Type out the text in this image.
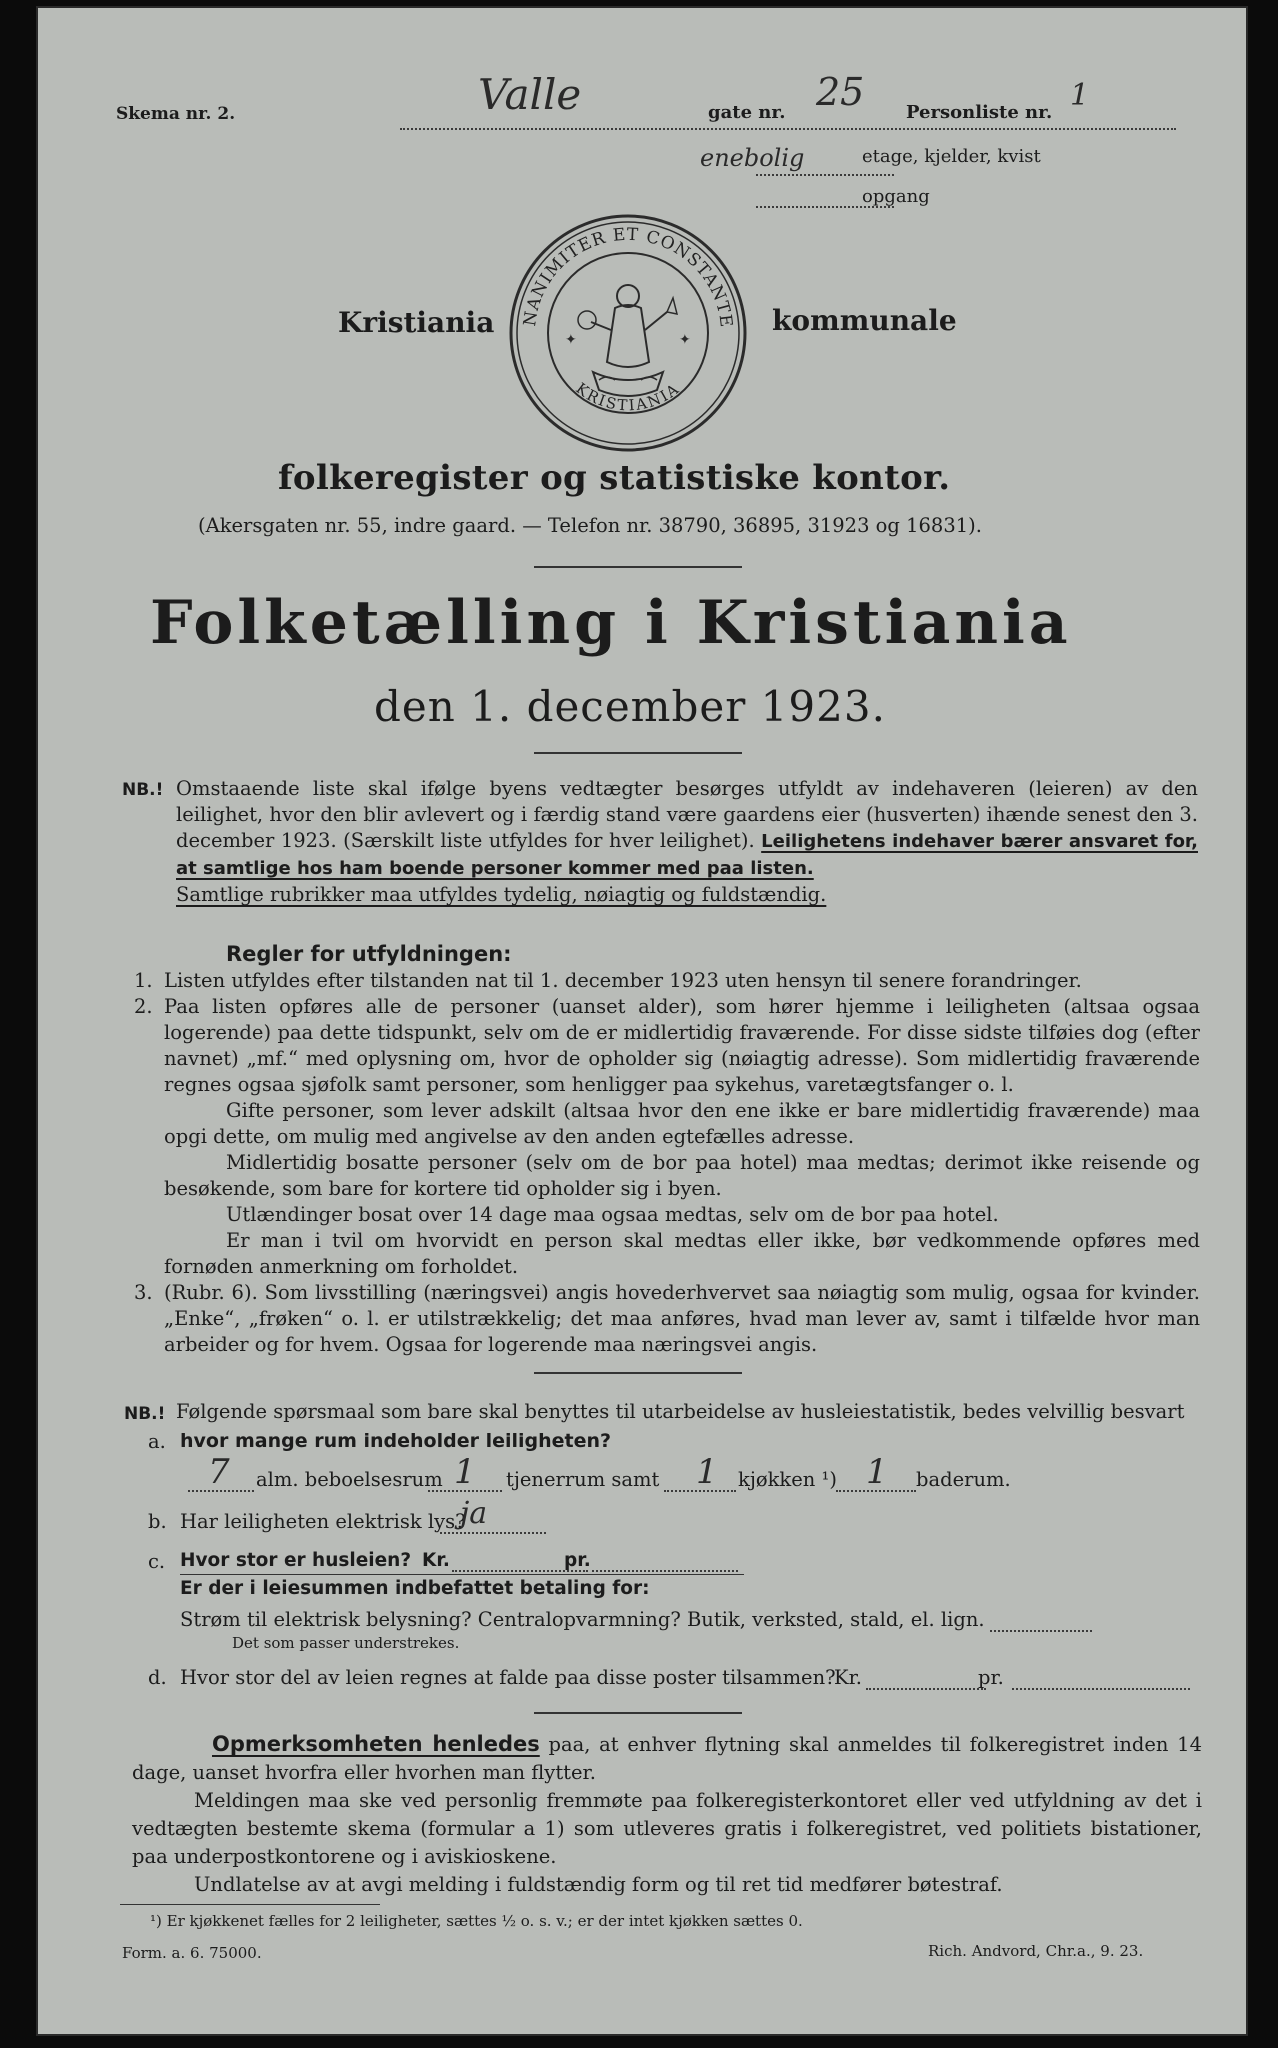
Skema nr. 2.	Valle	gate nr. 25 Personliste nr. 1
enebolig	etage, kjelder, kvist
opgang
NANIMITER ET CONSTANTE
KRISTIANIA
✦	✦
Kristiania	kommunale
folkeregister og statistiske kontor.
(Akersgaten nr. 55, indre gaard. — Telefon nr. 38790, 36895, 31923 og 16831).
Folketælling i Kristiania
den 1. december 1923.
NB.! Omstaaende liste skal ifølge byens vedtægter besørges utfyldt av indehaveren (leieren) av den leilighet, hvor den blir avlevert og i færdig stand være gaardens eier (husverten) ihænde senest den 3. december 1923. (Særskilt liste utfyldes for hver leilighet). Leilighetens indehaver bærer ansvaret for, at samtlige hos ham boende personer kommer med paa listen.
Samtlige rubrikker maa utfyldes tydelig, nøiagtig og fuldstændig.
Regler for utfyldningen:

1. Listen utfyldes efter tilstanden nat til 1. december 1923 uten hensyn til senere forandringer.

2. Paa listen opføres alle de personer (uanset alder), som hører hjemme i leiligheten (altsaa ogsaa logerende) paa dette tidspunkt, selv om de er midlertidig fraværende. For disse sidste tilføies dog (efter navnet) „mf.“ med oplysning om, hvor de opholder sig (nøiagtig adresse). Som midlertidig fraværende regnes ogsaa sjøfolk samt personer, som henligger paa sykehus, varetægtsfanger o. l.

Gifte personer, som lever adskilt (altsaa hvor den ene ikke er bare midlertidig fraværende) maa opgi dette, om mulig med angivelse av den anden egtefælles adresse.

Midlertidig bosatte personer (selv om de bor paa hotel) maa medtas; derimot ikke reisende og besøkende, som bare for kortere tid opholder sig i byen.

Utlændinger bosat over 14 dage maa ogsaa medtas, selv om de bor paa hotel.

Er man i tvil om hvorvidt en person skal medtas eller ikke, bør vedkommende opføres med fornøden anmerkning om forholdet.

3. (Rubr. 6). Som livsstilling (næringsvei) angis hovederhvervet saa nøiagtig som mulig, ogsaa for kvinder. „Enke“, „frøken“ o. l. er utilstrækkelig; det maa anføres, hvad man lever av, samt i tilfælde hvor man arbeider og for hvem. Ogsaa for logerende maa næringsvei angis.

NB.! Følgende spørsmaal som bare skal benyttes til utarbeidelse av husleiestatistik, bedes velvillig besvart
a. hvor mange rum indeholder leiligheten?
7 alm. beboelsesrum 1 tjenerrum samt 1 kjøkken ¹) 1 baderum.
b. Har leiligheten elektrisk lys?
ja
c. Hvor stor er husleien? Kr.	pr.
Er der i leiesummen indbefattet betaling for:
Strøm til elektrisk belysning? Centralopvarmning? Butik, verksted, stald, el. lign.
Det som passer understrekes.
d. Hvor stor del av leien regnes at falde paa disse poster tilsammen?
Kr.	pr.

Opmerksomheten henledes paa, at enhver flytning skal anmeldes til folkeregistret inden 14 dage, uanset hvorfra eller hvorhen man flytter.

Meldingen maa ske ved personlig fremmøte paa folkeregisterkontoret eller ved utfyldning av det i vedtægten bestemte skema (formular a 1) som utleveres gratis i folkeregistret, ved politiets bistationer, paa underpostkontorene og i aviskioskene.

Undlatelse av at avgi melding i fuldstændig form og til ret tid medfører bøtestraf.

¹) Er kjøkkenet fælles for 2 leiligheter, sættes ½ o. s. v.; er der intet kjøkken sættes 0.
Form. a. 6. 75000.	Rich. Andvord, Chr.a., 9. 23.
